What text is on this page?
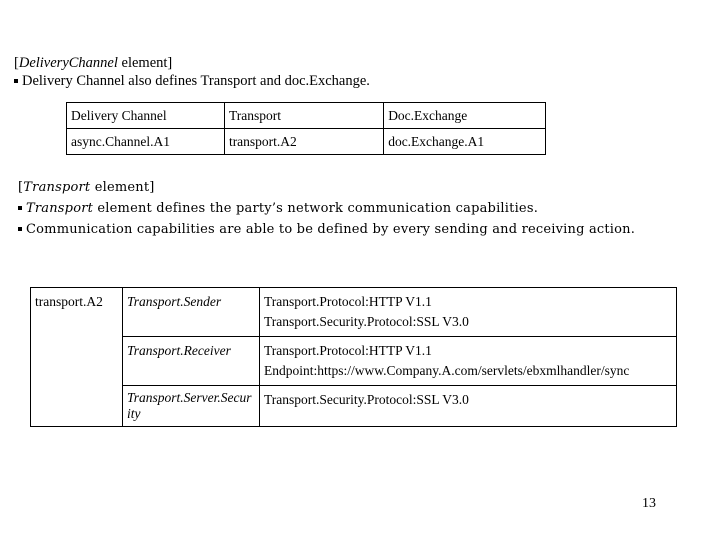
[DeliveryChannel element]
Delivery Channel also defines Transport and doc.Exchange.
Delivery Channel	Transport	Doc.Exchange
async.Channel.A1	transport.A2	doc.Exchange.A1
[Transport element]
Transport element defines the party’s network communication capabilities.
Communication capabilities are able to be defined by every sending and receiving action.
transport.A2	Transport.Sender	Transport.Protocol:HTTP V1.1
Transport.Security.Protocol:SSL V3.0

	Transport.Receiver	Transport.Protocol:HTTP V1.1
Endpoint:https://www.Company.A.com/servlets/ebxmlhandler/sync

	Transport.Server.Security	Transport.Security.Protocol:SSL V3.0
13
